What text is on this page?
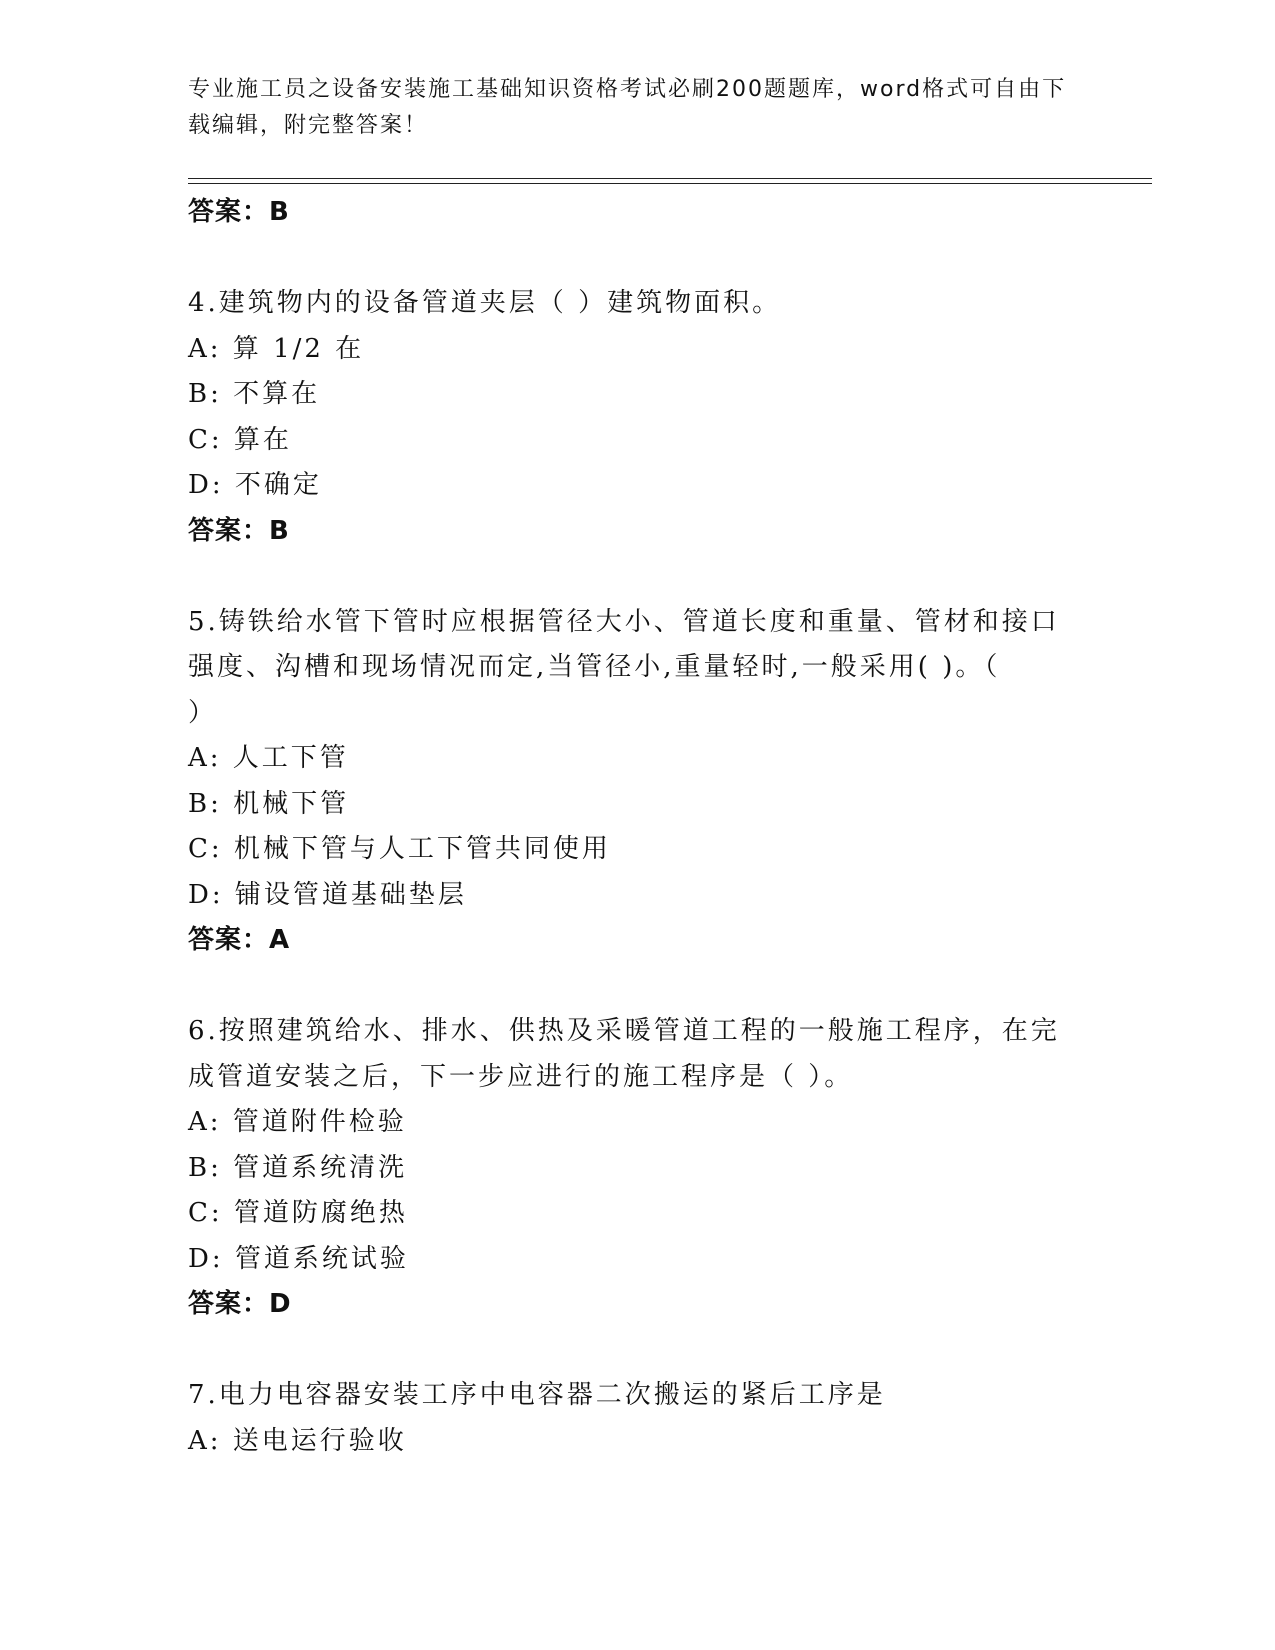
专业施工员之设备安装施工基础知识资格考试必刷200题题库，word格式可自由下载编辑，附完整答案！
答案：B
4.建筑物内的设备管道夹层（ ）建筑物面积。
A: 算 1/2 在
B: 不算在
C: 算在
D: 不确定
答案：B
5.铸铁给水管下管时应根据管径大小、管道长度和重量、管材和接口
强度、沟槽和现场情况而定,当管径小,重量轻时,一般采用( )。（
）
A: 人工下管
B: 机械下管
C: 机械下管与人工下管共同使用
D: 铺设管道基础垫层
答案：A
6.按照建筑给水、排水、供热及采暖管道工程的一般施工程序，在完
成管道安装之后，下一步应进行的施工程序是（ ）。
A: 管道附件检验
B: 管道系统清洗
C: 管道防腐绝热
D: 管道系统试验
答案：D
7.电力电容器安装工序中电容器二次搬运的紧后工序是
A: 送电运行验收
